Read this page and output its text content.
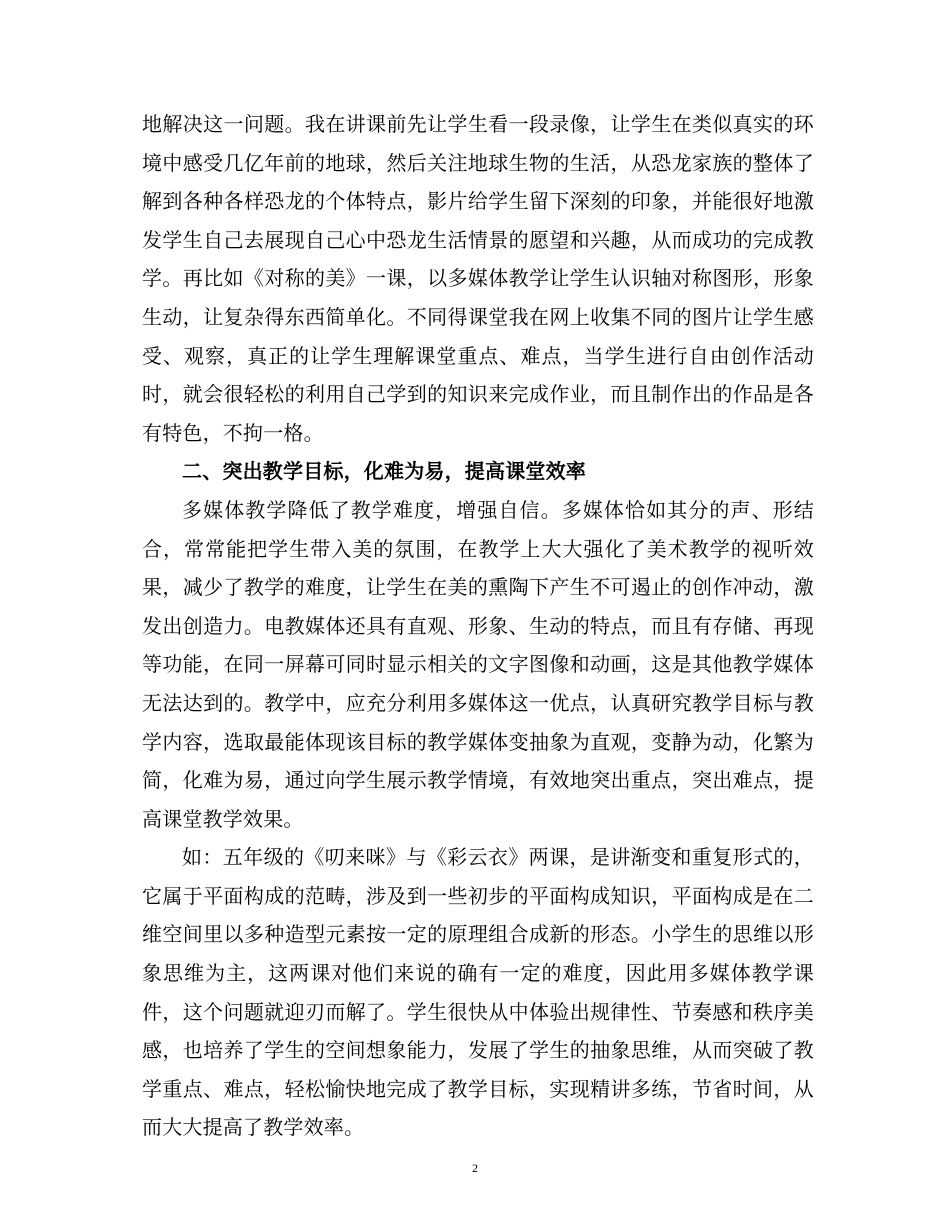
地解决这一问题。我在讲课前先让学生看一段录像，让学生在类似真实的环境中感受几亿年前的地球，然后关注地球生物的生活，从恐龙家族的整体了解到各种各样恐龙的个体特点，影片给学生留下深刻的印象，并能很好地激发学生自己去展现自己心中恐龙生活情景的愿望和兴趣，从而成功的完成教学。再比如《对称的美》一课，以多媒体教学让学生认识轴对称图形，形象生动，让复杂得东西简单化。不同得课堂我在网上收集不同的图片让学生感受、观察，真正的让学生理解课堂重点、难点，当学生进行自由创作活动时，就会很轻松的利用自己学到的知识来完成作业，而且制作出的作品是各有特色，不拘一格。

二、突出教学目标，化难为易，提高课堂效率

多媒体教学降低了教学难度，增强自信。多媒体恰如其分的声、形结合，常常能把学生带入美的氛围，在教学上大大强化了美术教学的视听效果，减少了教学的难度，让学生在美的熏陶下产生不可遏止的创作冲动，激发出创造力。电教媒体还具有直观、形象、生动的特点，而且有存储、再现等功能，在同一屏幕可同时显示相关的文字图像和动画，这是其他教学媒体无法达到的。教学中，应充分利用多媒体这一优点，认真研究教学目标与教学内容，选取最能体现该目标的教学媒体变抽象为直观，变静为动，化繁为简，化难为易，通过向学生展示教学情境，有效地突出重点，突出难点，提高课堂教学效果。

如：五年级的《叨来咪》与《彩云衣》两课，是讲渐变和重复形式的，它属于平面构成的范畴，涉及到一些初步的平面构成知识，平面构成是在二维空间里以多种造型元素按一定的原理组合成新的形态。小学生的思维以形象思维为主，这两课对他们来说的确有一定的难度，因此用多媒体教学课件，这个问题就迎刃而解了。学生很快从中体验出规律性、节奏感和秩序美感，也培养了学生的空间想象能力，发展了学生的抽象思维，从而突破了教学重点、难点，轻松愉快地完成了教学目标，实现精讲多练，节省时间，从而大大提高了教学效率。

2
